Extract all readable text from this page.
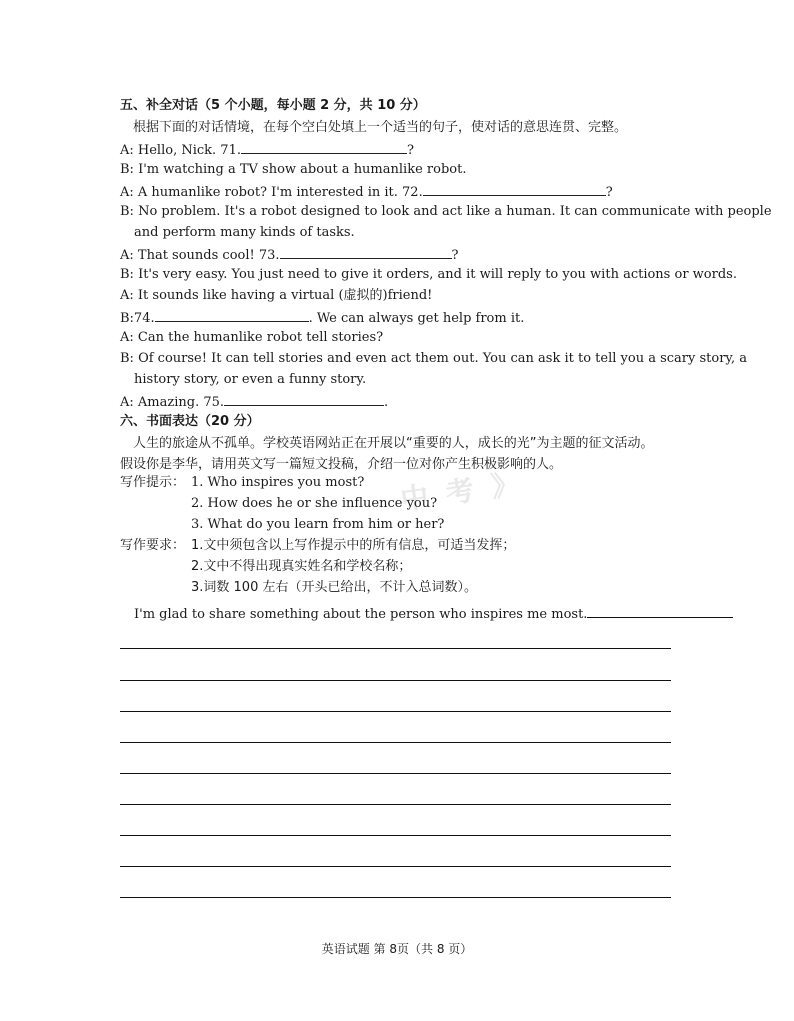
五、补全对话（5 个小题，每小题 2 分，共 10 分）
根据下面的对话情境，在每个空白处填上一个适当的句子，使对话的意思连贯、完整。
A: Hello, Nick. 71.	?
B: I'm watching a TV show about a humanlike robot.
A: A humanlike robot? I'm interested in it. 72.	?
B: No problem. It's a robot designed to look and act like a human. It can communicate with people
and perform many kinds of tasks.
A: That sounds cool! 73.	?
B: It's very easy. You just need to give it orders, and it will reply to you with actions or words.
A: It sounds like having a virtual (虚拟的)friend!
B:74.	. We can always get help from it.
A: Can the humanlike robot tell stories?
B: Of course! It can tell stories and even act them out. You can ask it to tell you a scary story, a
history story, or even a funny story.
A: Amazing. 75.	.
六、书面表达（20 分）
人生的旅途从不孤单。学校英语网站正在开展以“重要的人，成长的光”为主题的征文活动。
假设你是李华，请用英文写一篇短文投稿，介绍一位对你产生积极影响的人。
中 考 》
写作提示： 1. Who inspires you most?
2. How does he or she influence you?
3. What do you learn from him or her?
写作要求： 1.文中须包含以上写作提示中的所有信息，可适当发挥；
2.文中不得出现真实姓名和学校名称；
3.词数 100 左右（开头已给出，不计入总词数）。
I'm glad to share something about the person who inspires me most.
英语试题 第 8页（共 8 页）
